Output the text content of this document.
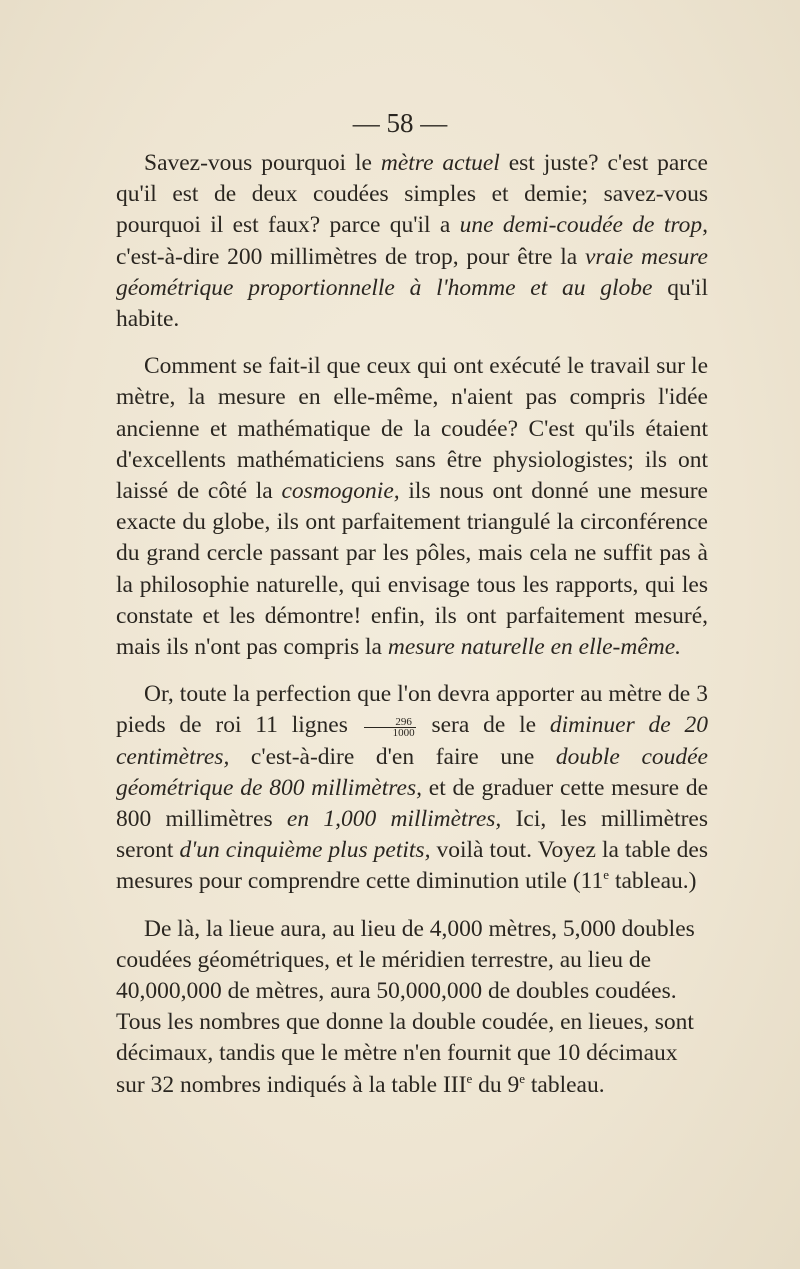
— 58 —

Savez-vous pourquoi le mètre actuel est juste? c'est parce qu'il est de deux coudées simples et demie; savez-vous pourquoi il est faux? parce qu'il a une demi-coudée de trop, c'est-à-dire 200 millimètres de trop, pour être la vraie mesure géométrique proportionnelle à l'homme et au globe qu'il habite.

Comment se fait-il que ceux qui ont exécuté le travail sur le mètre, la mesure en elle-même, n'aient pas compris l'idée ancienne et mathématique de la coudée? C'est qu'ils étaient d'excellents mathématiciens sans être physiologistes; ils ont laissé de côté la cosmogonie, ils nous ont donné une mesure exacte du globe, ils ont parfaitement triangulé la circonférence du grand cercle passant par les pôles, mais cela ne suffit pas à la philosophie naturelle, qui envisage tous les rapports, qui les constate et les démontre! enfin, ils ont parfaitement mesuré, mais ils n'ont pas compris la mesure naturelle en elle-même.

Or, toute la perfection que l'on devra apporter au mètre de 3 pieds de roi 11 lignes $\frac{296}{1000}$ sera de le diminuer de 20 centimètres, c'est-à-dire d'en faire une double coudée géométrique de 800 millimètres, et de graduer cette mesure de 800 millimètres en 1,000 millimètres, Ici, les millimètres seront d'un cinquième plus petits, voilà tout. Voyez la table des mesures pour comprendre cette diminution utile (11e tableau.)

De là, la lieue aura, au lieu de 4,000 mètres, 5,000 doubles coudées géométriques, et le méridien terrestre, au lieu de 40,000,000 de mètres, aura 50,000,000 de doubles coudées. Tous les nombres que donne la double coudée, en lieues, sont décimaux, tandis que le mètre n'en fournit que 10 décimaux sur 32 nombres indiqués à la table IIIe du 9e tableau.
